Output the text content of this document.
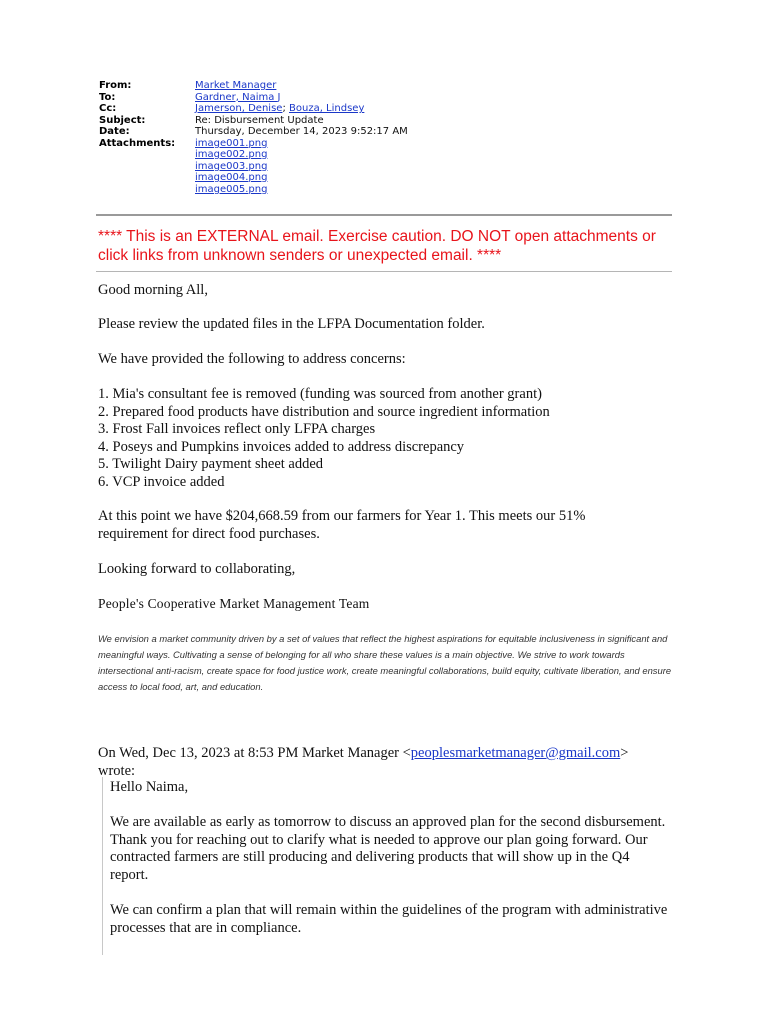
From:	Market Manager
To:	Gardner, Naima J
Cc:	Jamerson, Denise; Bouza, Lindsey
Subject:	Re: Disbursement Update
Date:	Thursday, December 14, 2023 9:52:17 AM
Attachments:	image001.png
image002.png
image003.png
image004.png
image005.png
**** This is an EXTERNAL email. Exercise caution. DO NOT open attachments or click links from unknown senders or unexpected email. ****
Good morning All,
Please review the updated files in the LFPA Documentation folder.
We have provided the following to address concerns:
1. Mia's consultant fee is removed (funding was sourced from another grant)
2. Prepared food products have distribution and source ingredient information
3. Frost Fall invoices reflect only LFPA charges
4. Poseys and Pumpkins invoices added to address discrepancy
5. Twilight Dairy payment sheet added
6. VCP invoice added
At this point we have $204,668.59 from our farmers for Year 1. This meets our 51%
requirement for direct food purchases.
Looking forward to collaborating,
People's Cooperative Market Management Team
We envision a market community driven by a set of values that reflect the highest aspirations for equitable inclusiveness in significant and meaningful ways. Cultivating a sense of belonging for all who share these values is a main objective. We strive to work towards intersectional anti-racism, create space for food justice work, create meaningful collaborations, build equity, cultivate liberation, and ensure access to local food, art, and education.
On Wed, Dec 13, 2023 at 8:53 PM Market Manager <peoplesmarketmanager@gmail.com>
wrote:
Hello Naima,
We are available as early as tomorrow to discuss an approved plan for the second disbursement. Thank you for reaching out to clarify what is needed to approve our plan going forward. Our contracted farmers are still producing and delivering products that will show up in the Q4 report.
We can confirm a plan that will remain within the guidelines of the program with administrative processes that are in compliance.
